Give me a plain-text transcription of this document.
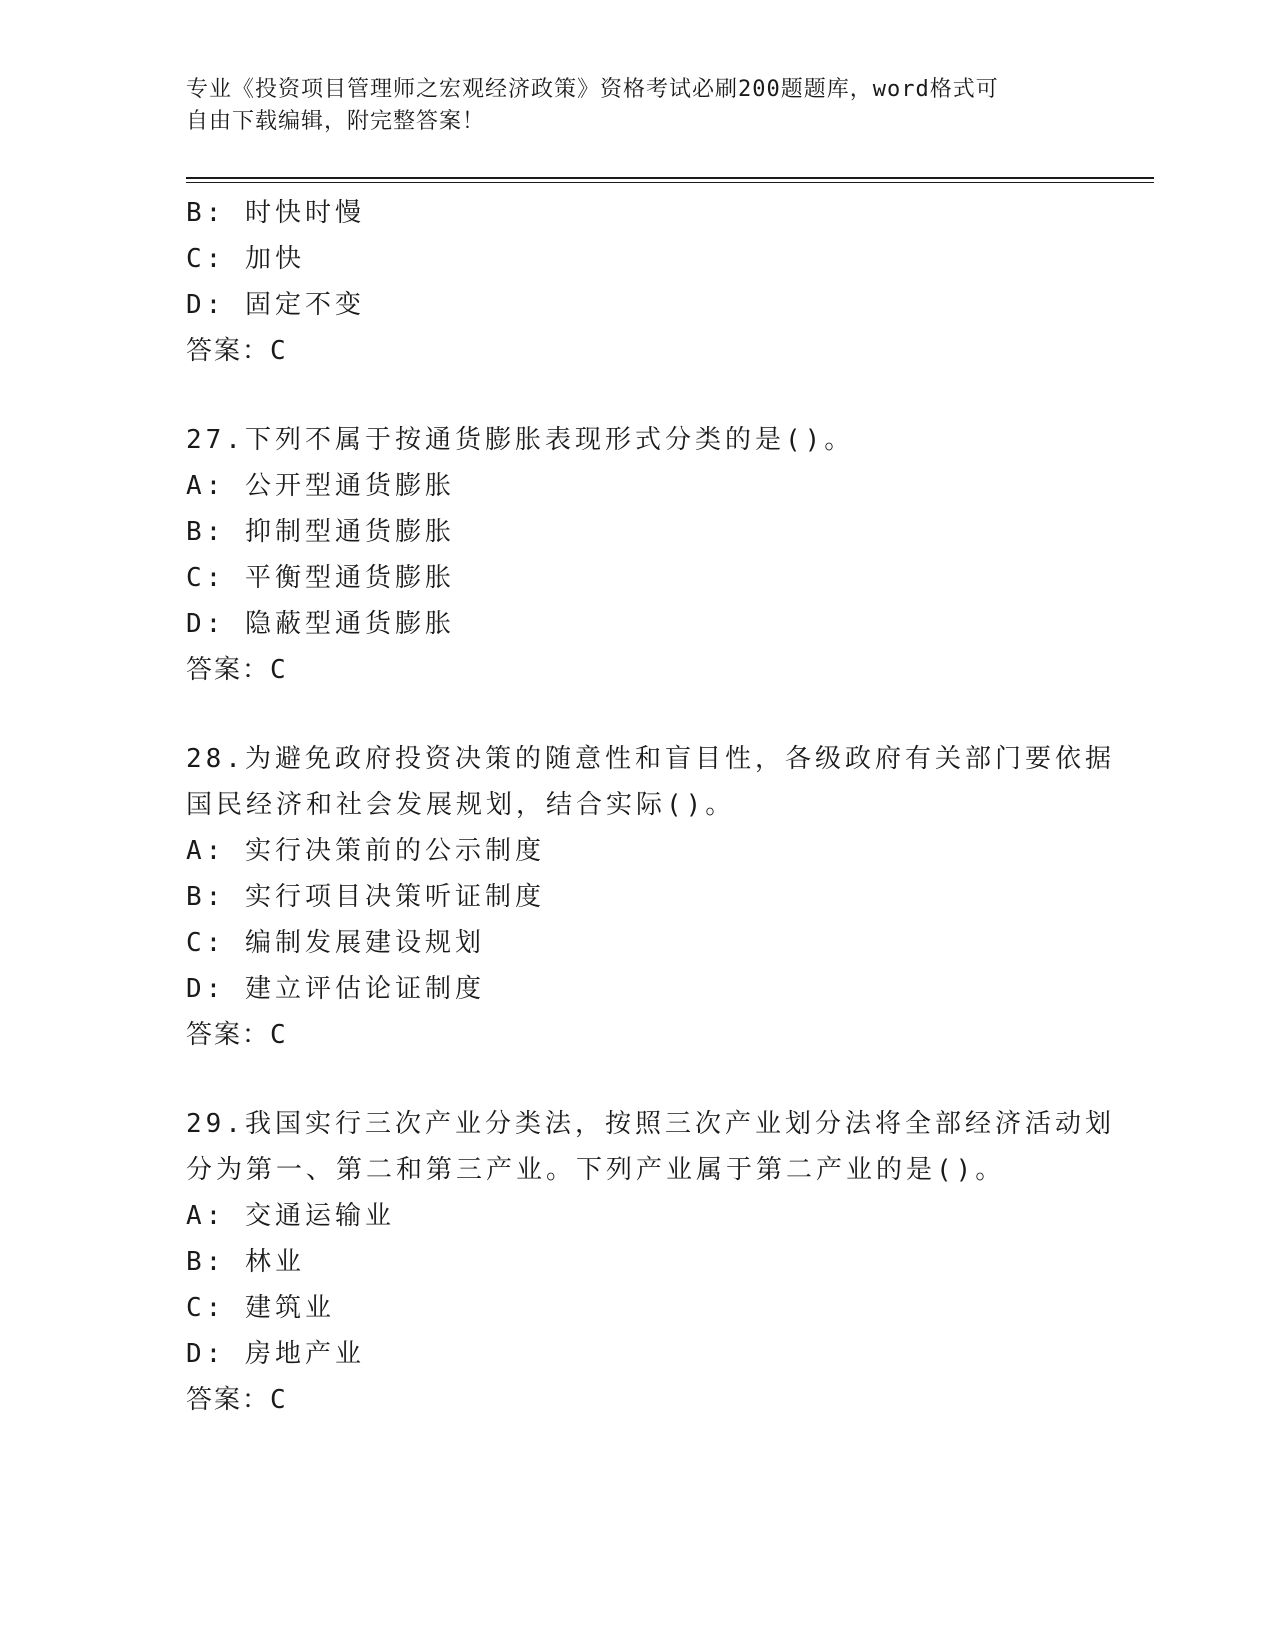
专业《投资项目管理师之宏观经济政策》资格考试必刷200题题库，word格式可
自由下载编辑，附完整答案！
B: 时快时慢
C: 加快
D: 固定不变
答案：C
27.下列不属于按通货膨胀表现形式分类的是()。
A: 公开型通货膨胀
B: 抑制型通货膨胀
C: 平衡型通货膨胀
D: 隐蔽型通货膨胀
答案：C
28.为避免政府投资决策的随意性和盲目性，各级政府有关部门要依据
国民经济和社会发展规划，结合实际()。
A: 实行决策前的公示制度
B: 实行项目决策听证制度
C: 编制发展建设规划
D: 建立评估论证制度
答案：C
29.我国实行三次产业分类法，按照三次产业划分法将全部经济活动划
分为第一、第二和第三产业。下列产业属于第二产业的是()。
A: 交通运输业
B: 林业
C: 建筑业
D: 房地产业
答案：C
